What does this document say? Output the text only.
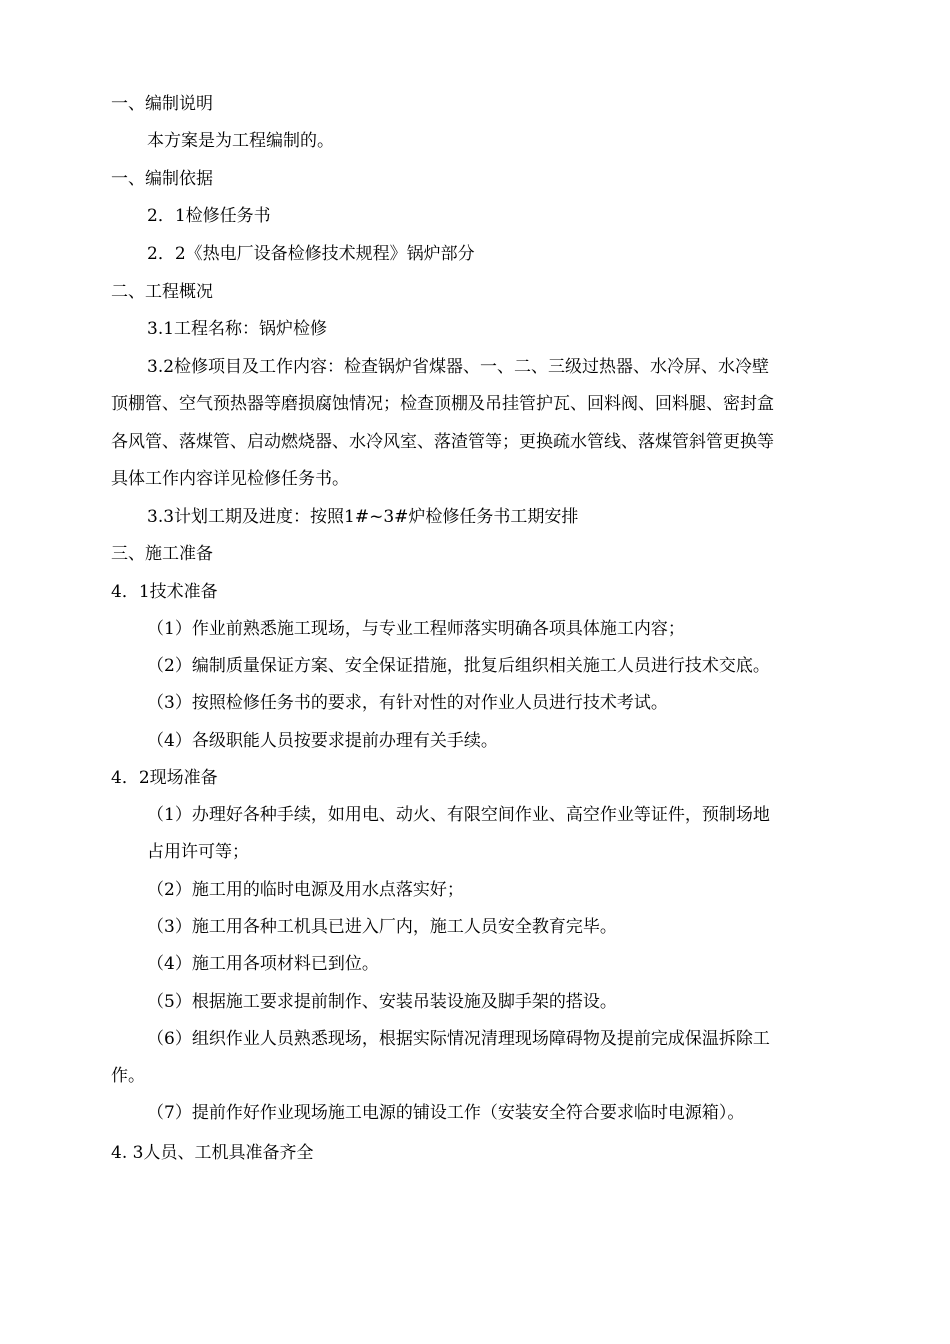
一、编制说明

本方案是为工程编制的。

一、编制依据

2．1检修任务书

2．2《热电厂设备检修技术规程》锅炉部分

二、工程概况

3.1工程名称：锅炉检修

3.2检修项目及工作内容：检查锅炉省煤器、一、二、三级过热器、水冷屏、水冷壁

顶棚管、空气预热器等磨损腐蚀情况；检查顶棚及吊挂管护瓦、回料阀、回料腿、密封盒

各风管、落煤管、启动燃烧器、水冷风室、落渣管等；更换疏水管线、落煤管斜管更换等

具体工作内容详见检修任务书。

3.3计划工期及进度：按照1#~3#炉检修任务书工期安排

三、施工准备

4．1技术准备

（1）作业前熟悉施工现场，与专业工程师落实明确各项具体施工内容；

（2）编制质量保证方案、安全保证措施，批复后组织相关施工人员进行技术交底。

（3）按照检修任务书的要求，有针对性的对作业人员进行技术考试。

（4）各级职能人员按要求提前办理有关手续。

4．2现场准备

（1）办理好各种手续，如用电、动火、有限空间作业、高空作业等证件，预制场地

占用许可等；

（2）施工用的临时电源及用水点落实好；

（3）施工用各种工机具已进入厂内，施工人员安全教育完毕。

（4）施工用各项材料已到位。

（5）根据施工要求提前制作、安装吊装设施及脚手架的搭设。

（6）组织作业人员熟悉现场，根据实际情况清理现场障碍物及提前完成保温拆除工

作。

（7）提前作好作业现场施工电源的铺设工作（安装安全符合要求临时电源箱）。

4. 3人员、工机具准备齐全
